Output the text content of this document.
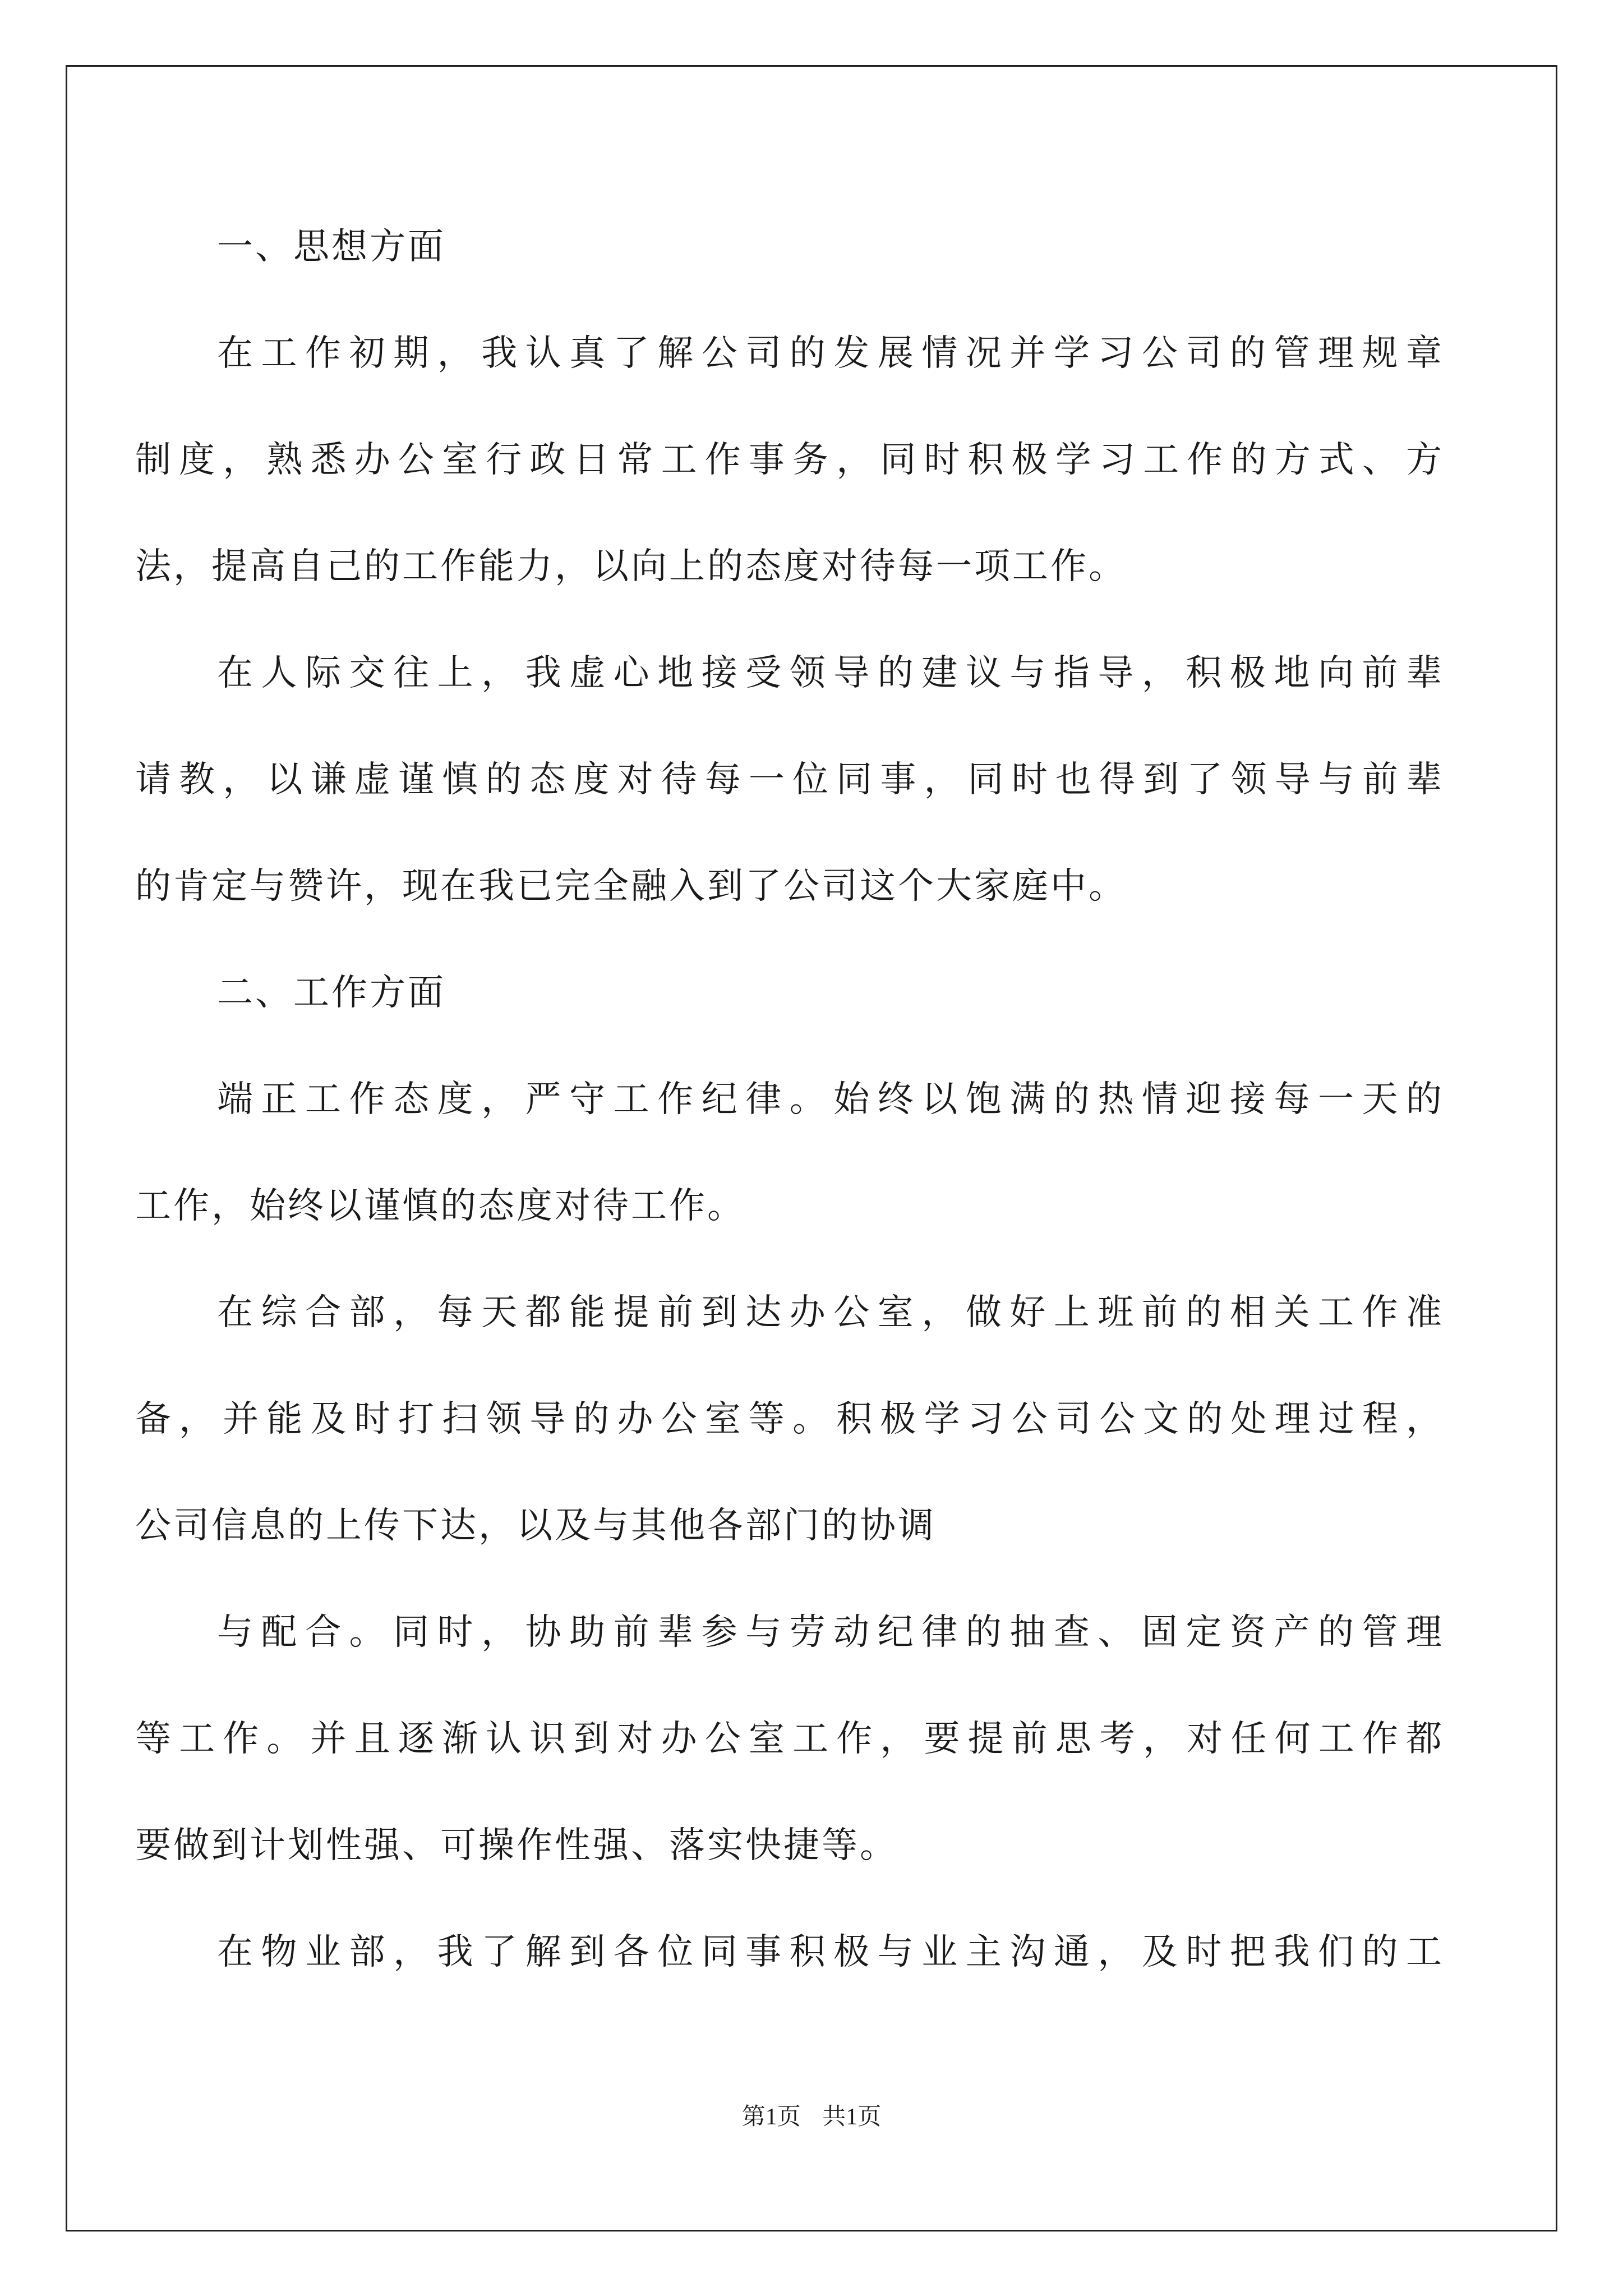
一、思想方面
在工作初期，我认真了解公司的发展情况并学习公司的管理规章
制度，熟悉办公室行政日常工作事务，同时积极学习工作的方式、方
法，提高自己的工作能力，以向上的态度对待每一项工作。
在人际交往上，我虚心地接受领导的建议与指导，积极地向前辈
请教，以谦虚谨慎的态度对待每一位同事，同时也得到了领导与前辈
的肯定与赞许，现在我已完全融入到了公司这个大家庭中。
二、工作方面
端正工作态度，严守工作纪律。始终以饱满的热情迎接每一天的
工作，始终以谨慎的态度对待工作。
在综合部，每天都能提前到达办公室，做好上班前的相关工作准
备，并能及时打扫领导的办公室等。积极学习公司公文的处理过程，
公司信息的上传下达，以及与其他各部门的协调
与配合。同时，协助前辈参与劳动纪律的抽查、固定资产的管理
等工作。并且逐渐认识到对办公室工作，要提前思考，对任何工作都
要做到计划性强、可操作性强、落实快捷等。
在物业部，我了解到各位同事积极与业主沟通，及时把我们的工
第1页 共1页
